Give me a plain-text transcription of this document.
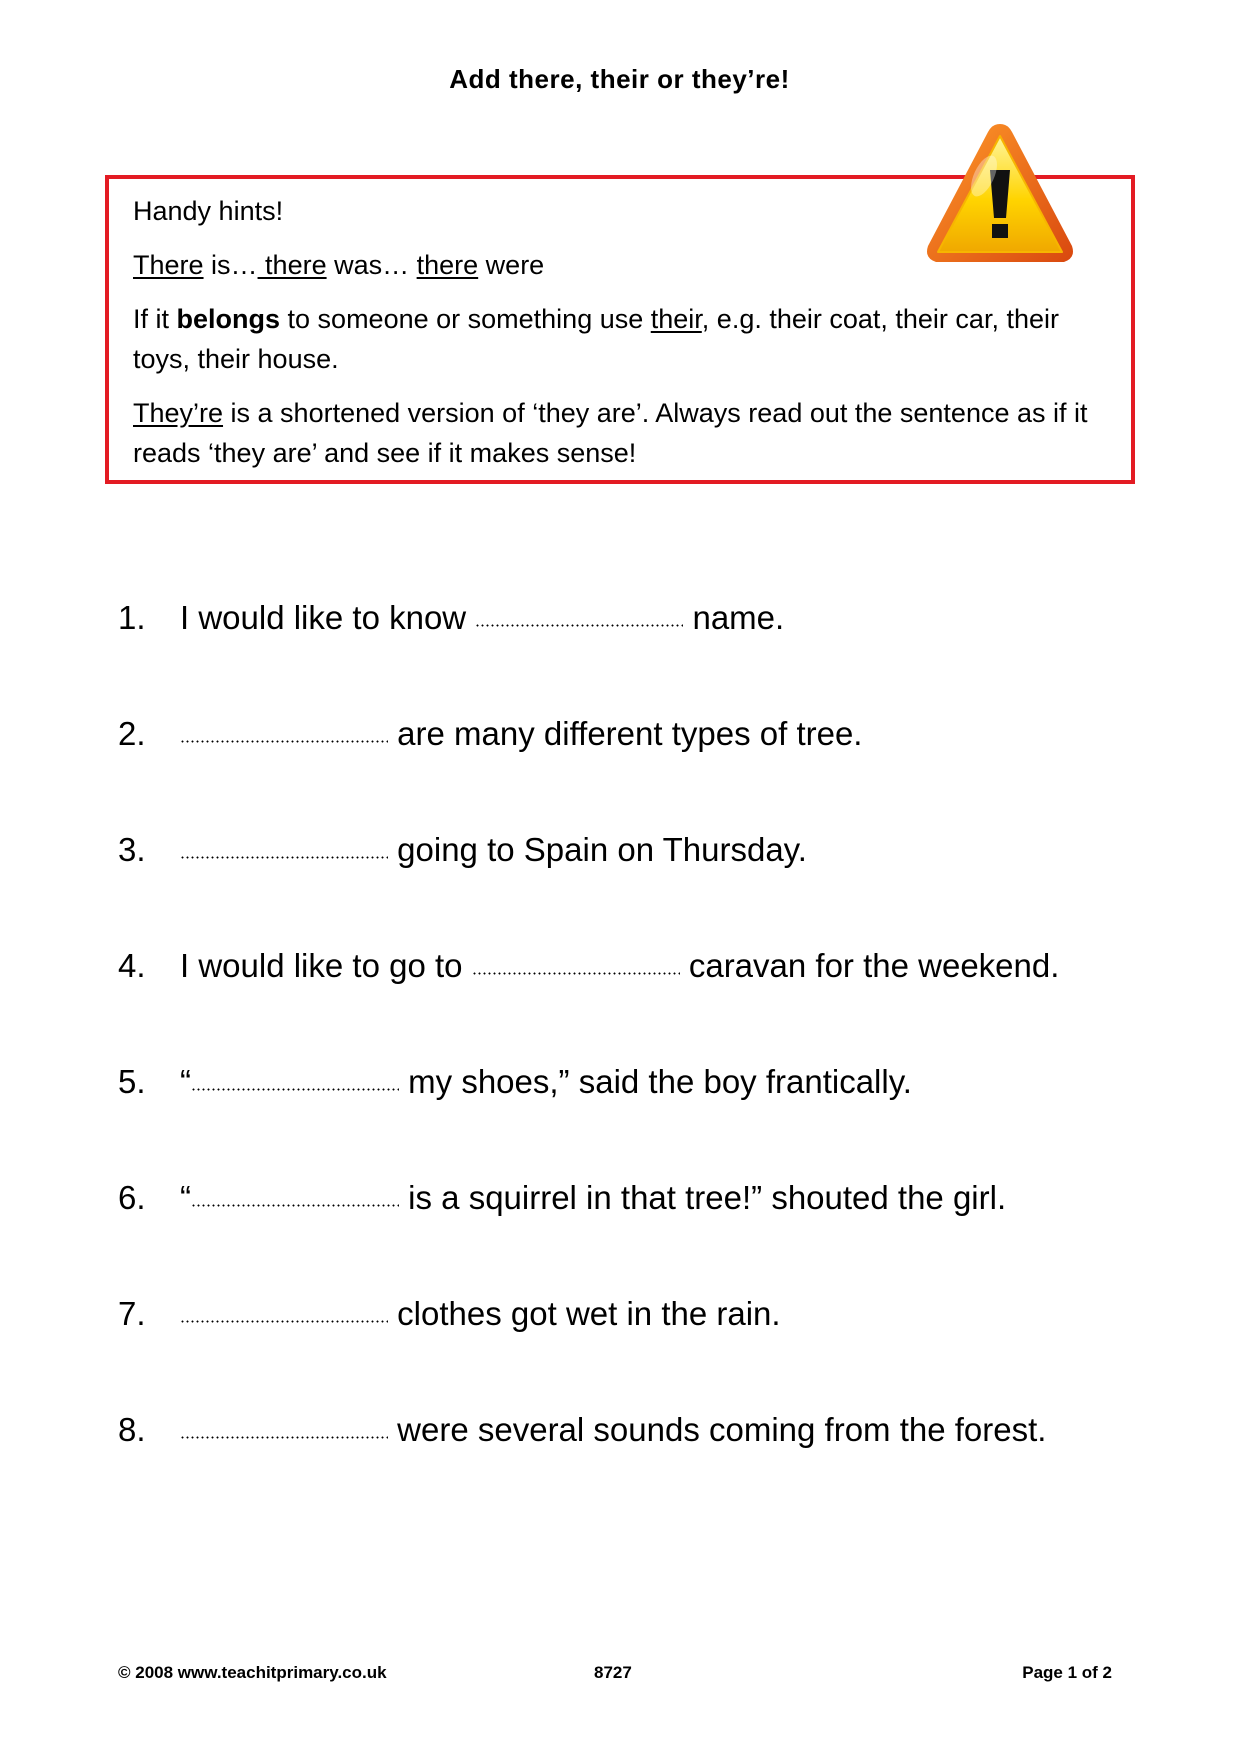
Add there, their or they’re!
Handy hints!
There is… there was… there were
If it belongs to someone or something use their, e.g. their coat, their car, their toys, their house.
They’re is a shortened version of ‘they are’. Always read out the sentence as if it reads ‘they are’ and see if it makes sense!
1.	I would like to know	name.
2.	are many different types of tree.
3.	going to Spain on Thursday.
4.	I would like to go to	caravan for the weekend.
5.	“	my shoes,” said the boy frantically.
6.	“	is a squirrel in that tree!” shouted the girl.
7.	clothes got wet in the rain.
8.	were several sounds coming from the forest.
© 2008 www.teachitprimary.co.uk	8727	Page 1 of 2
